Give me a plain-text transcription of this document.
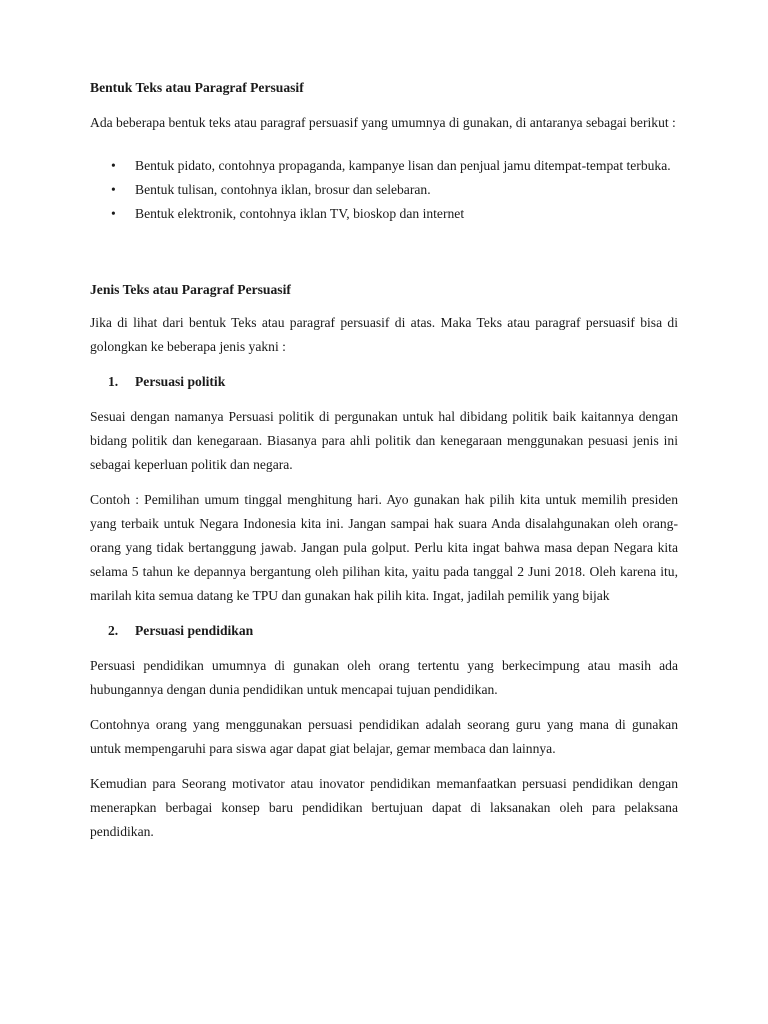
Bentuk Teks atau Paragraf Persuasif

Ada beberapa bentuk teks atau paragraf persuasif yang umumnya di gunakan, di antaranya sebagai berikut :

• Bentuk pidato, contohnya propaganda, kampanye lisan dan penjual jamu ditempat-tempat terbuka.
• Bentuk tulisan, contohnya iklan, brosur dan selebaran.
• Bentuk elektronik, contohnya iklan TV, bioskop dan internet

Jenis Teks atau Paragraf Persuasif

Jika di lihat dari bentuk Teks atau paragraf persuasif di atas. Maka Teks atau paragraf persuasif bisa di golongkan ke beberapa jenis yakni :

1. Persuasi politik

Sesuai dengan namanya Persuasi politik di pergunakan untuk hal dibidang politik baik kaitannya dengan bidang politik dan kenegaraan. Biasanya para ahli politik dan kenegaraan menggunakan pesuasi jenis ini sebagai keperluan politik dan negara.

Contoh : Pemilihan umum tinggal menghitung hari. Ayo gunakan hak pilih kita untuk memilih presiden yang terbaik untuk Negara Indonesia kita ini. Jangan sampai hak suara Anda disalahgunakan oleh orang-orang yang tidak bertanggung jawab. Jangan pula golput. Perlu kita ingat bahwa masa depan Negara kita selama 5 tahun ke depannya bergantung oleh pilihan kita, yaitu pada tanggal 2 Juni 2018. Oleh karena itu, marilah kita semua datang ke TPU dan gunakan hak pilih kita. Ingat, jadilah pemilik yang bijak

2. Persuasi pendidikan

Persuasi pendidikan umumnya di gunakan oleh orang tertentu yang berkecimpung atau masih ada hubungannya dengan dunia pendidikan untuk mencapai tujuan pendidikan.

Contohnya orang yang menggunakan persuasi pendidikan adalah seorang guru yang mana di gunakan untuk mempengaruhi para siswa agar dapat giat belajar, gemar membaca dan lainnya.

Kemudian para Seorang motivator atau inovator pendidikan memanfaatkan persuasi pendidikan dengan menerapkan berbagai konsep baru pendidikan bertujuan dapat di laksanakan oleh para pelaksana pendidikan.
